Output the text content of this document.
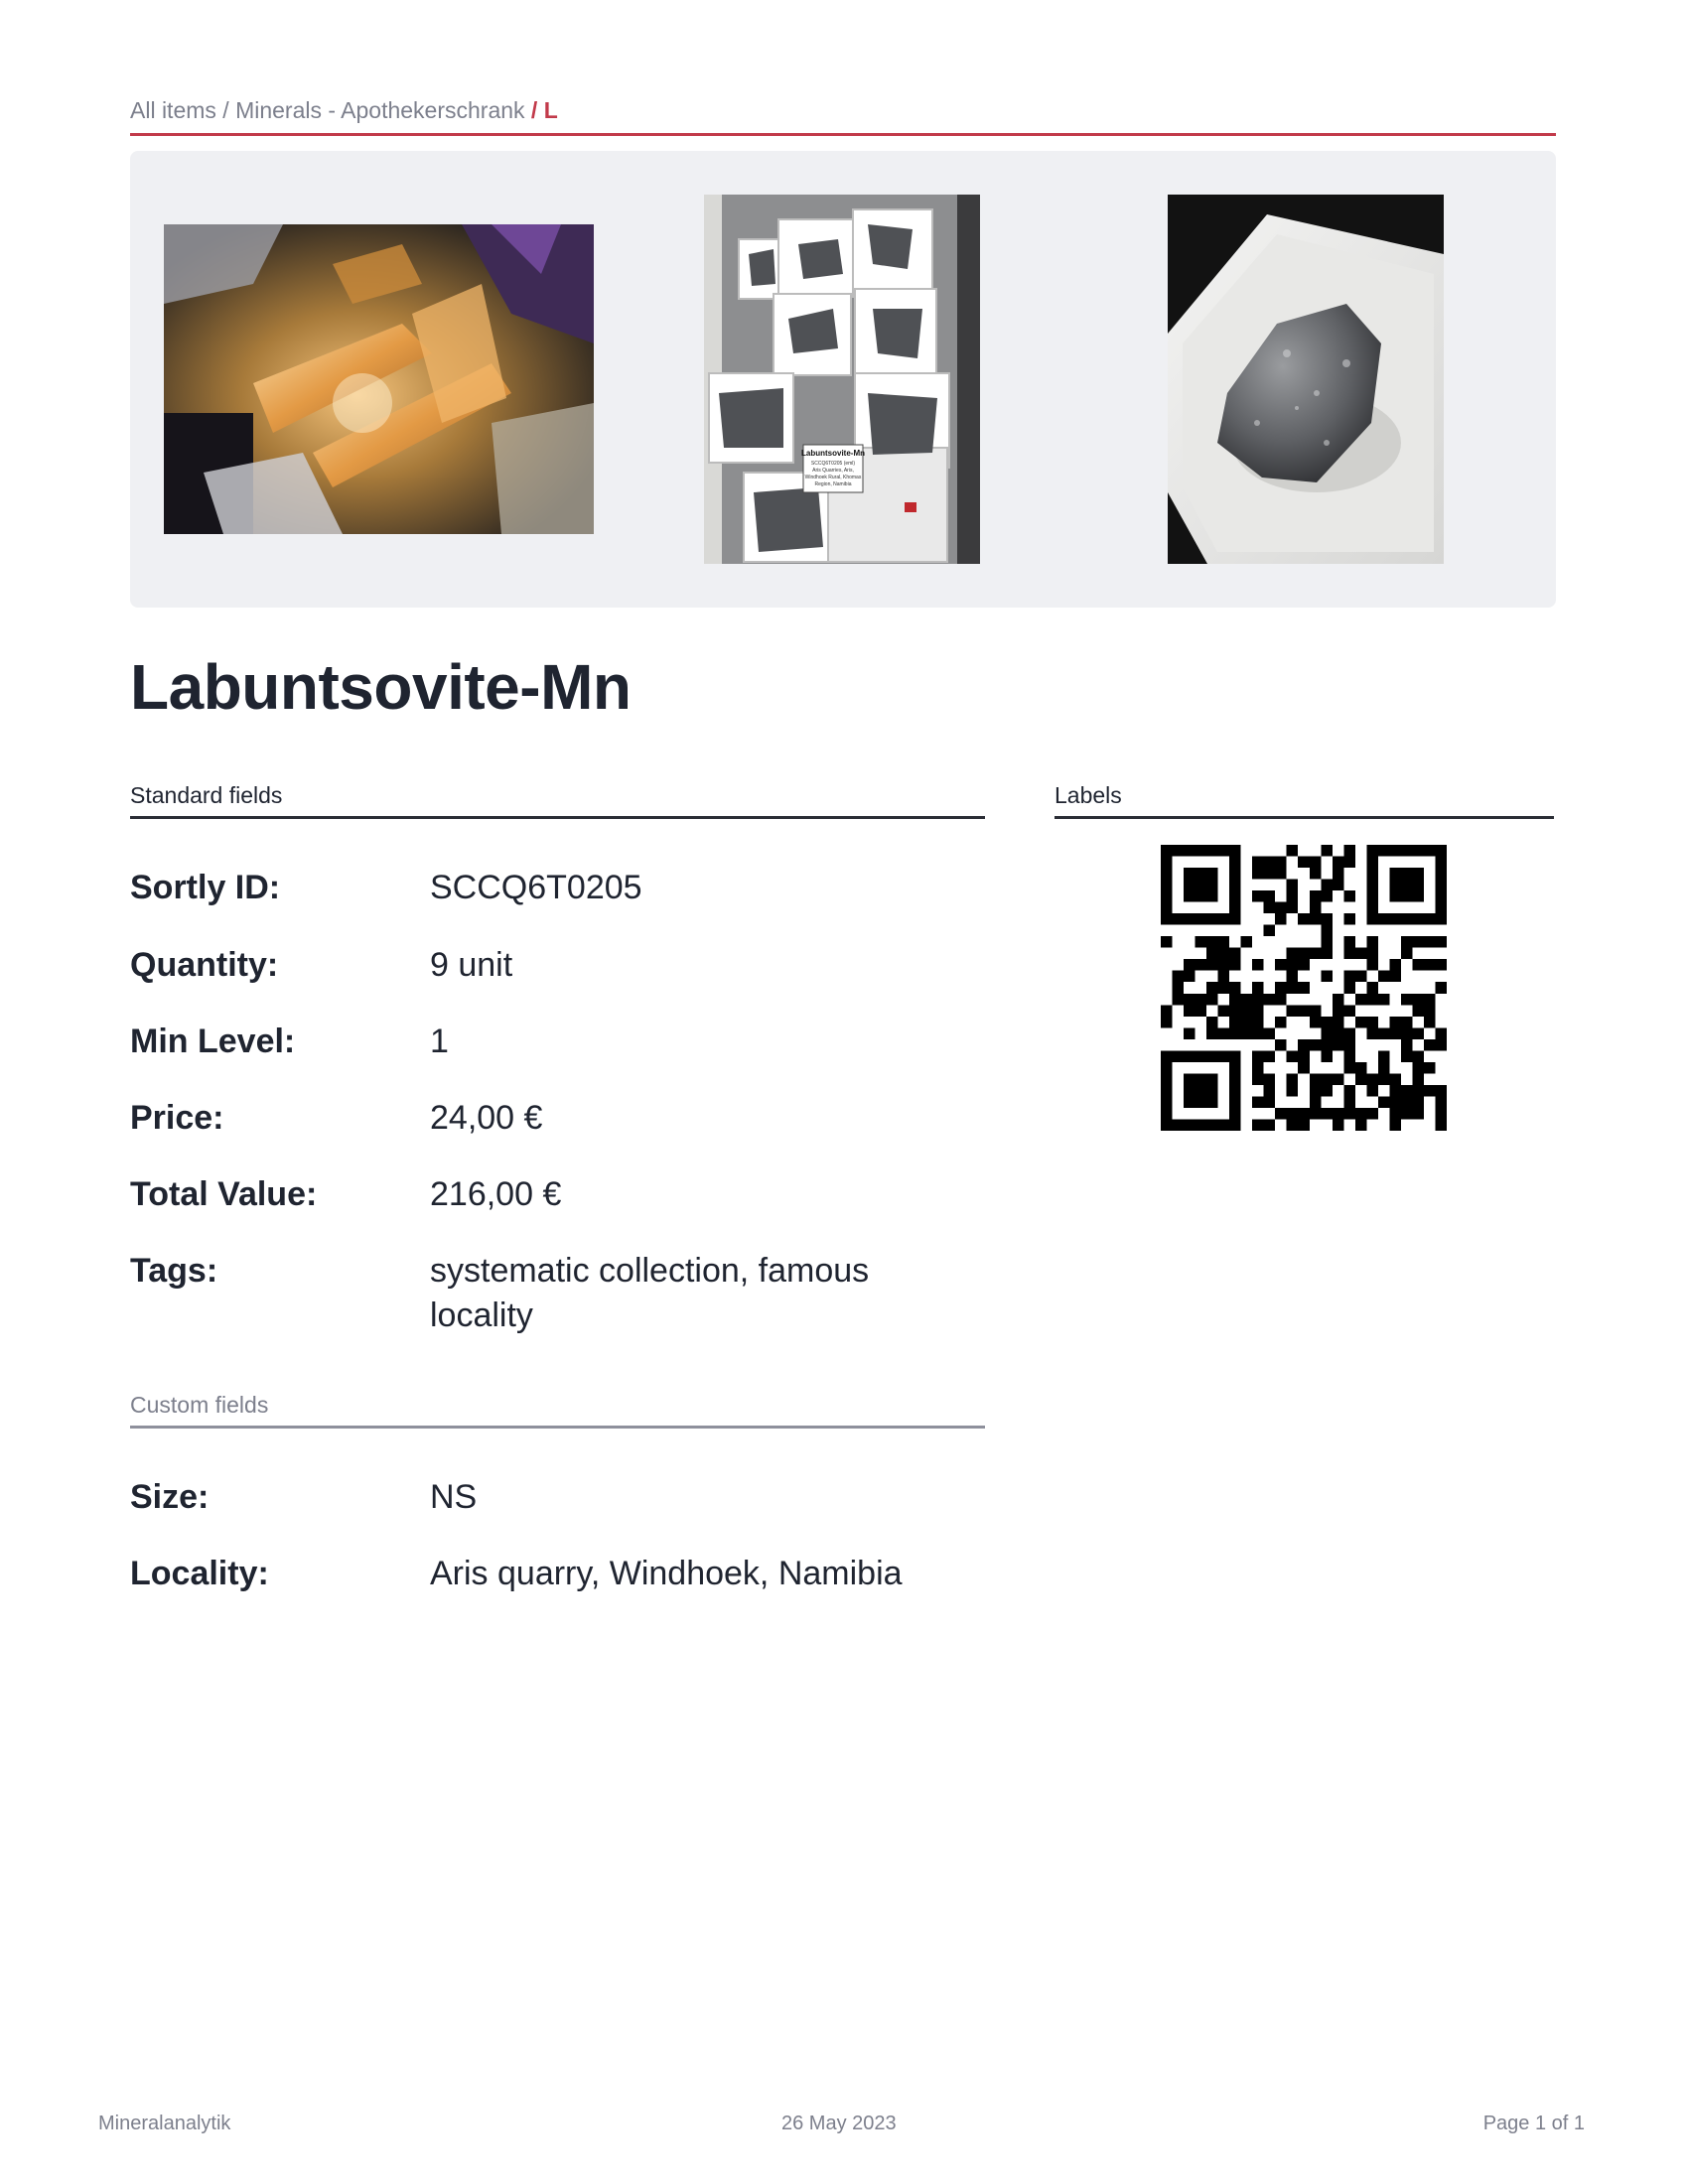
All items / Minerals - Apothekerschrank / L
Labuntsovite-Mn
SCCQ6T0205 (eml)
Aris Quarries, Aris,
Windhoek Rural, Khomas
Region, Namibia
Labuntsovite-Mn
Standard fields	Labels
Sortly ID:	SCCQ6T0205
Quantity:	9 unit
Min Level:	1
Price:	24,00 €
Total Value:	216,00 €
Tags:	systematic collection, famous locality
Custom fields
Size:	NS
Locality:	Aris quarry, Windhoek, Namibia
Mineralanalytik	26 May 2023	Page 1 of 1
